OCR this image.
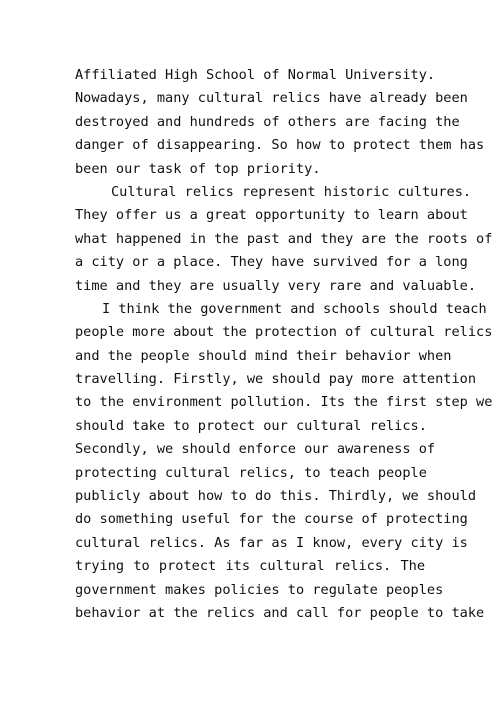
Affiliated High School of Normal University.
Nowadays, many cultural relics have already been
destroyed and hundreds of others are facing the
danger of disappearing. So how to protect them has
been our task of top priority.
Cultural relics represent historic cultures.
They offer us a great opportunity to learn about
what happened in the past and they are the roots of
a city or a place. They have survived for a long
time and they are usually very rare and valuable.
I think the government and schools should teach
people more about the protection of cultural relics
and the people should mind their behavior when
travelling. Firstly, we should pay more attention
to the environment pollution. Its the first step we
should take to protect our cultural relics.
Secondly, we should enforce our awareness of
protecting cultural relics, to teach people
publicly about how to do this. Thirdly, we should
do something useful for the course of protecting
cultural relics. As far as I know, every city is
trying to protect its cultural relics. The
government makes policies to regulate peoples
behavior at the relics and call for people to take
